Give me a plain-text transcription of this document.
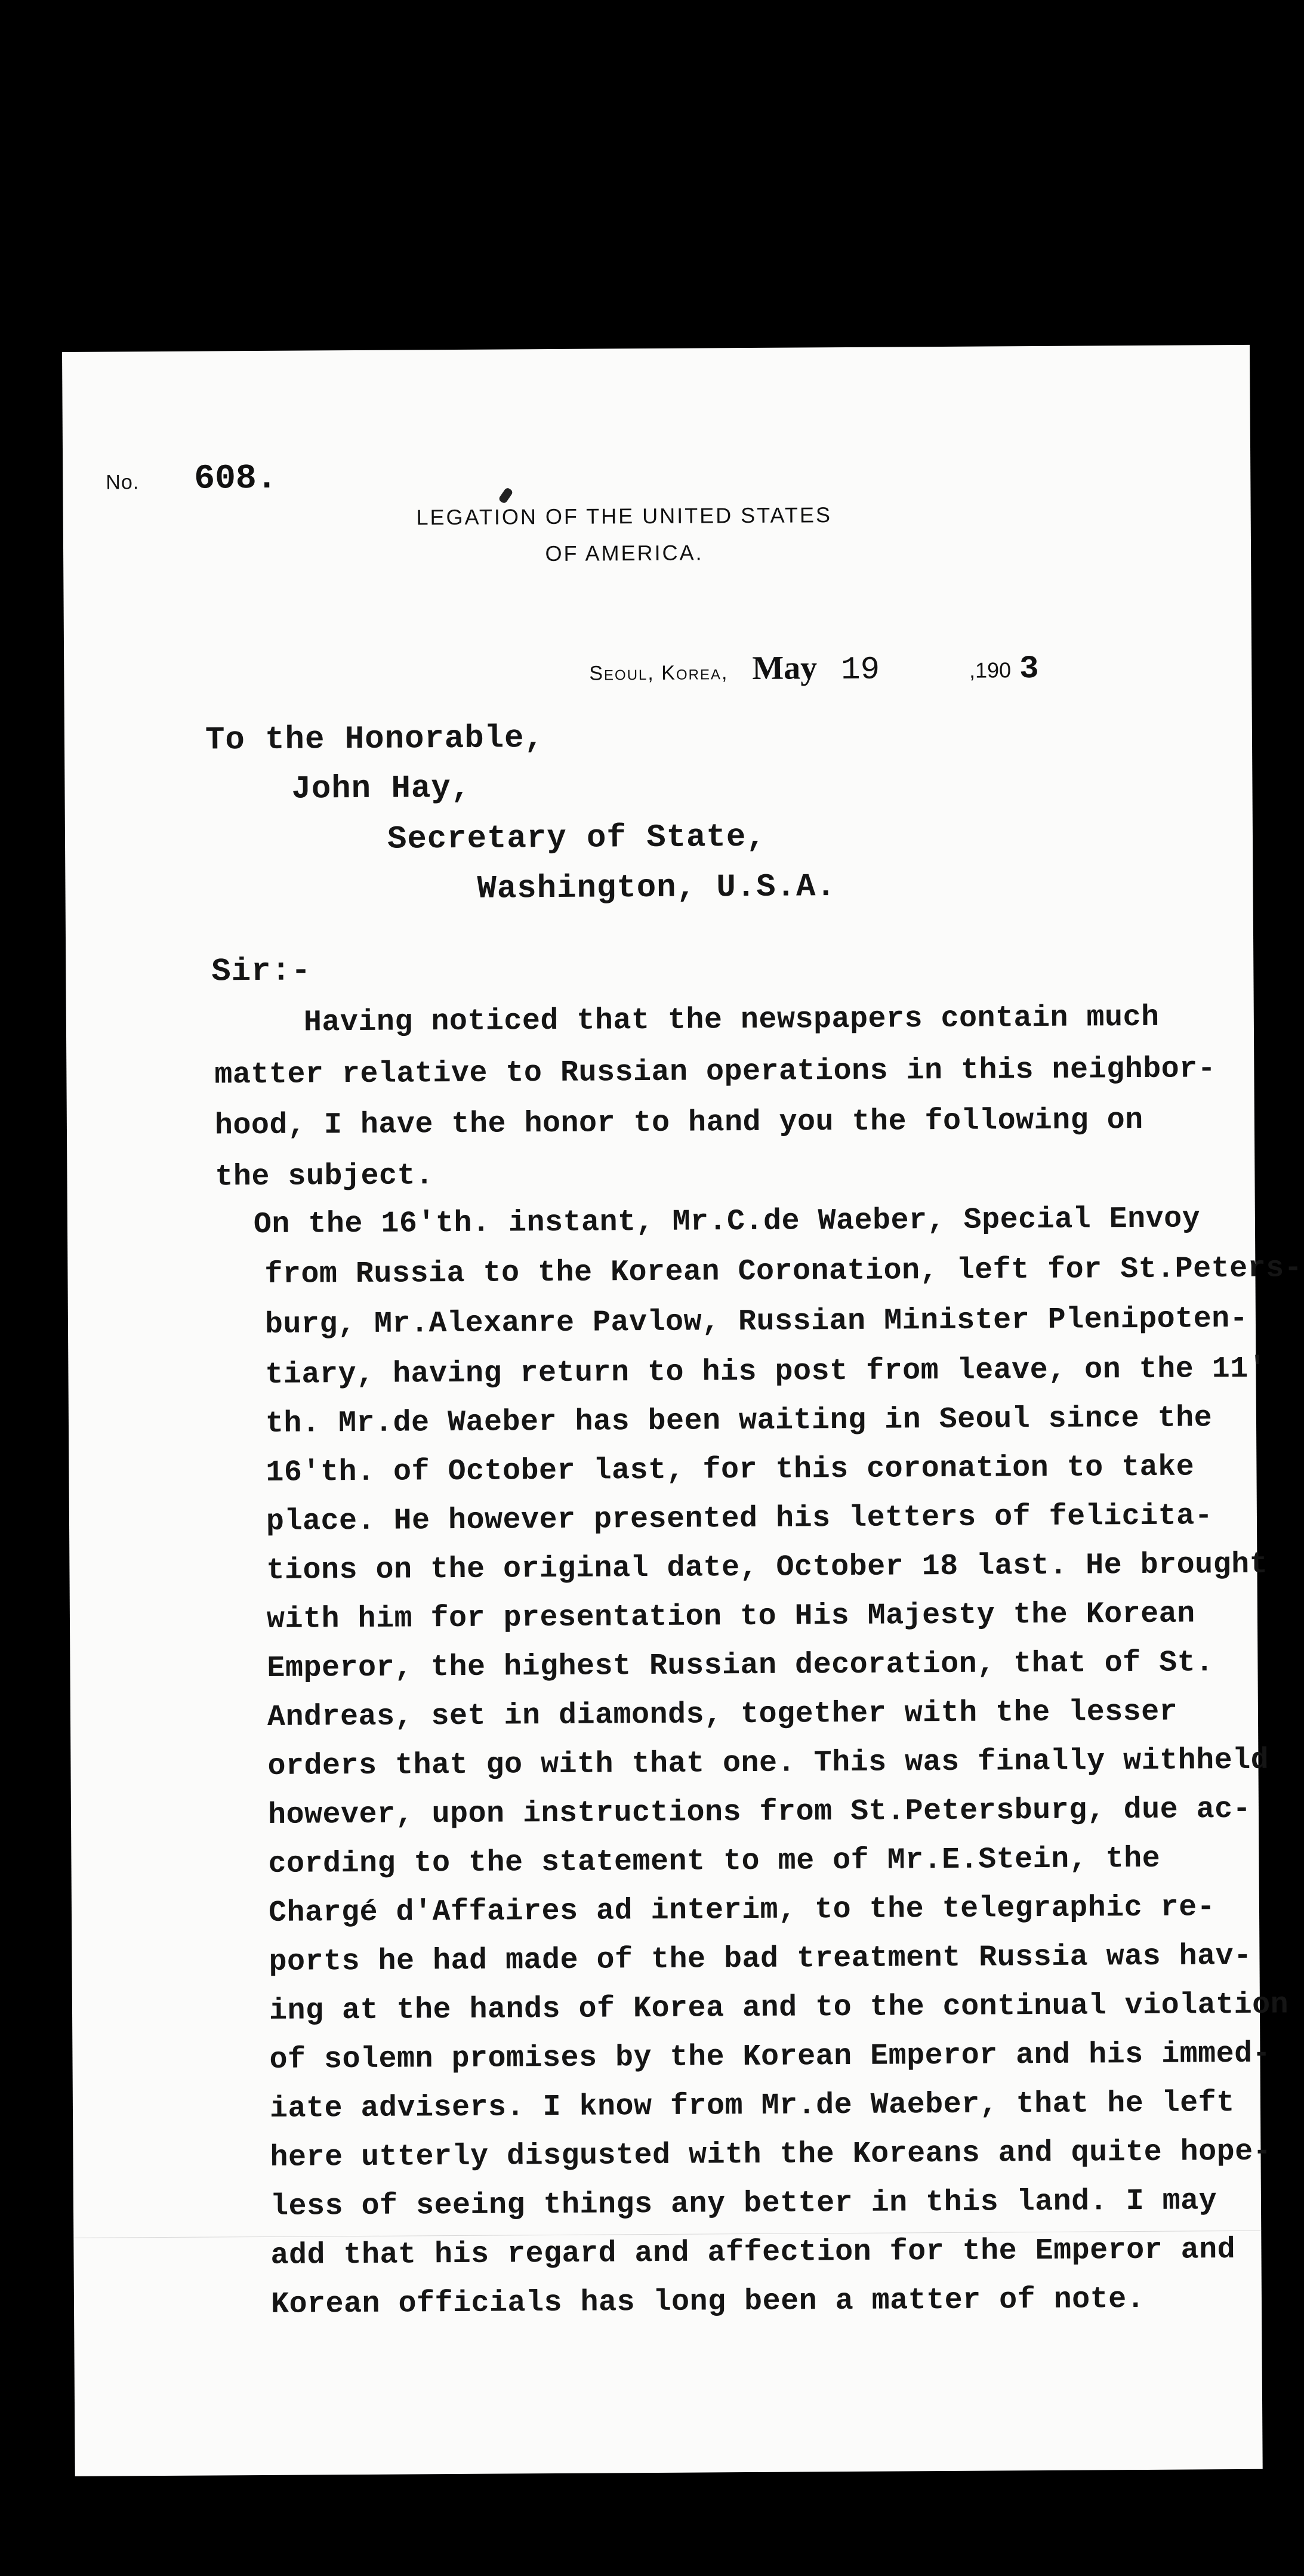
No. 608.
LEGATION OF THE UNITED STATES
OF AMERICA.
Seoul, Korea, May 19	,190 3
To the Honorable,
John Hay,
Secretary of State,
Washington, U.S.A.
Sir:-
Having noticed that the newspapers contain much
matter relative to Russian operations in this neighbor-
hood, I have the honor to hand you the following on
the subject.
On the 16'th. instant, Mr.C.de Waeber, Special Envoy
from Russia to the Korean Coronation, left for St.Peters-
burg, Mr.Alexanre Pavlow, Russian Minister Plenipoten-
tiary, having return to his post from leave, on the 11'
th. Mr.de Waeber has been waiting in Seoul since the
16'th. of October last, for this coronation to take
place. He however presented his letters of felicita-
tions on the original date, October 18 last. He brought
with him for presentation to His Majesty the Korean
Emperor, the highest Russian decoration, that of St.
Andreas, set in diamonds, together with the lesser
orders that go with that one. This was finally withheld
however, upon instructions from St.Petersburg, due ac-
cording to the statement to me of Mr.E.Stein, the
Chargé d'Affaires ad interim, to the telegraphic re-
ports he had made of the bad treatment Russia was hav-
ing at the hands of Korea and to the continual violation
of solemn promises by the Korean Emperor and his immed-
iate advisers. I know from Mr.de Waeber, that he left
here utterly disgusted with the Koreans and quite hope-
less of seeing things any better in this land. I may
add that his regard and affection for the Emperor and
Korean officials has long been a matter of note.
